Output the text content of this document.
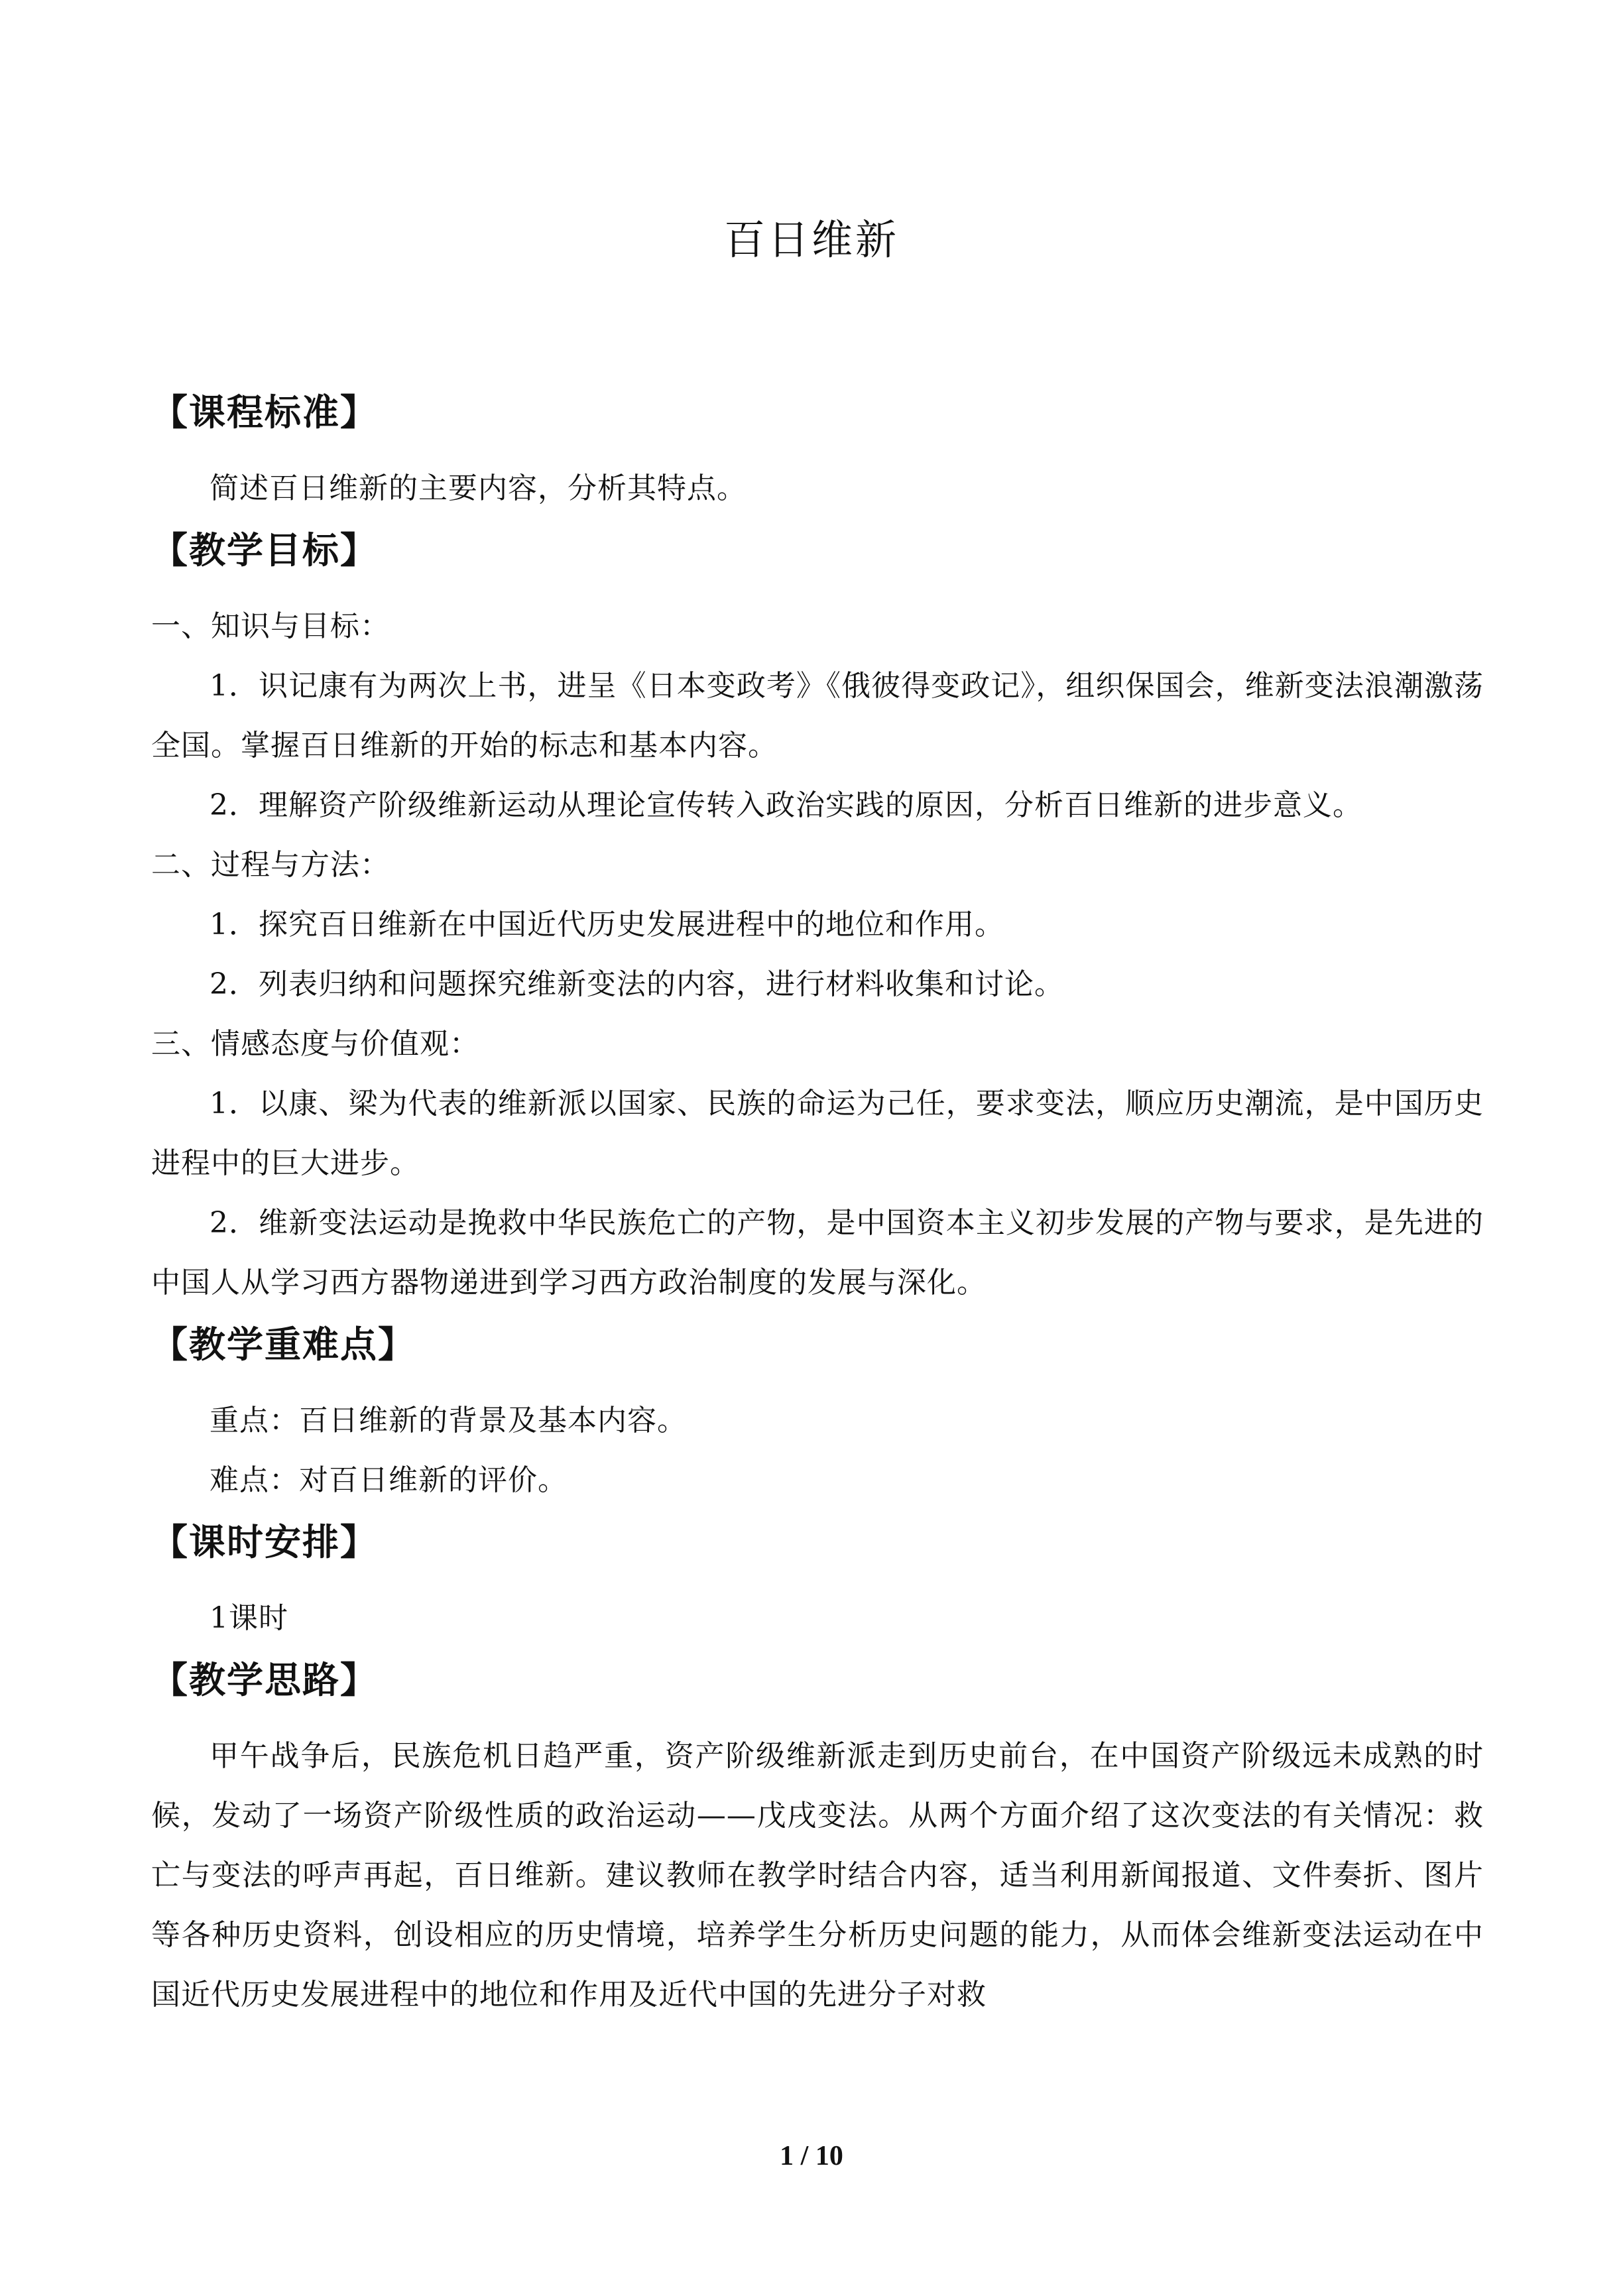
百日维新
【课程标准】

简述百日维新的主要内容，分析其特点。

【教学目标】

一、知识与目标：

1．识记康有为两次上书，进呈《日本变政考》《俄彼得变政记》，组织保国会，维新变法浪潮激荡全国。掌握百日维新的开始的标志和基本内容。

2．理解资产阶级维新运动从理论宣传转入政治实践的原因，分析百日维新的进步意义。

二、过程与方法：

1．探究百日维新在中国近代历史发展进程中的地位和作用。

2．列表归纳和问题探究维新变法的内容，进行材料收集和讨论。

三、情感态度与价值观：

1．以康、梁为代表的维新派以国家、民族的命运为己任，要求变法，顺应历史潮流，是中国历史进程中的巨大进步。

2．维新变法运动是挽救中华民族危亡的产物，是中国资本主义初步发展的产物与要求，是先进的中国人从学习西方器物递进到学习西方政治制度的发展与深化。

【教学重难点】

重点：百日维新的背景及基本内容。

难点：对百日维新的评价。

【课时安排】

1课时

【教学思路】

甲午战争后，民族危机日趋严重，资产阶级维新派走到历史前台，在中国资产阶级远未成熟的时候，发动了一场资产阶级性质的政治运动——戊戌变法。从两个方面介绍了这次变法的有关情况：救亡与变法的呼声再起，百日维新。建议教师在教学时结合内容，适当利用新闻报道、文件奏折、图片等各种历史资料，创设相应的历史情境，培养学生分析历史问题的能力，从而体会维新变法运动在中国近代历史发展进程中的地位和作用及近代中国的先进分子对救

1 / 10
